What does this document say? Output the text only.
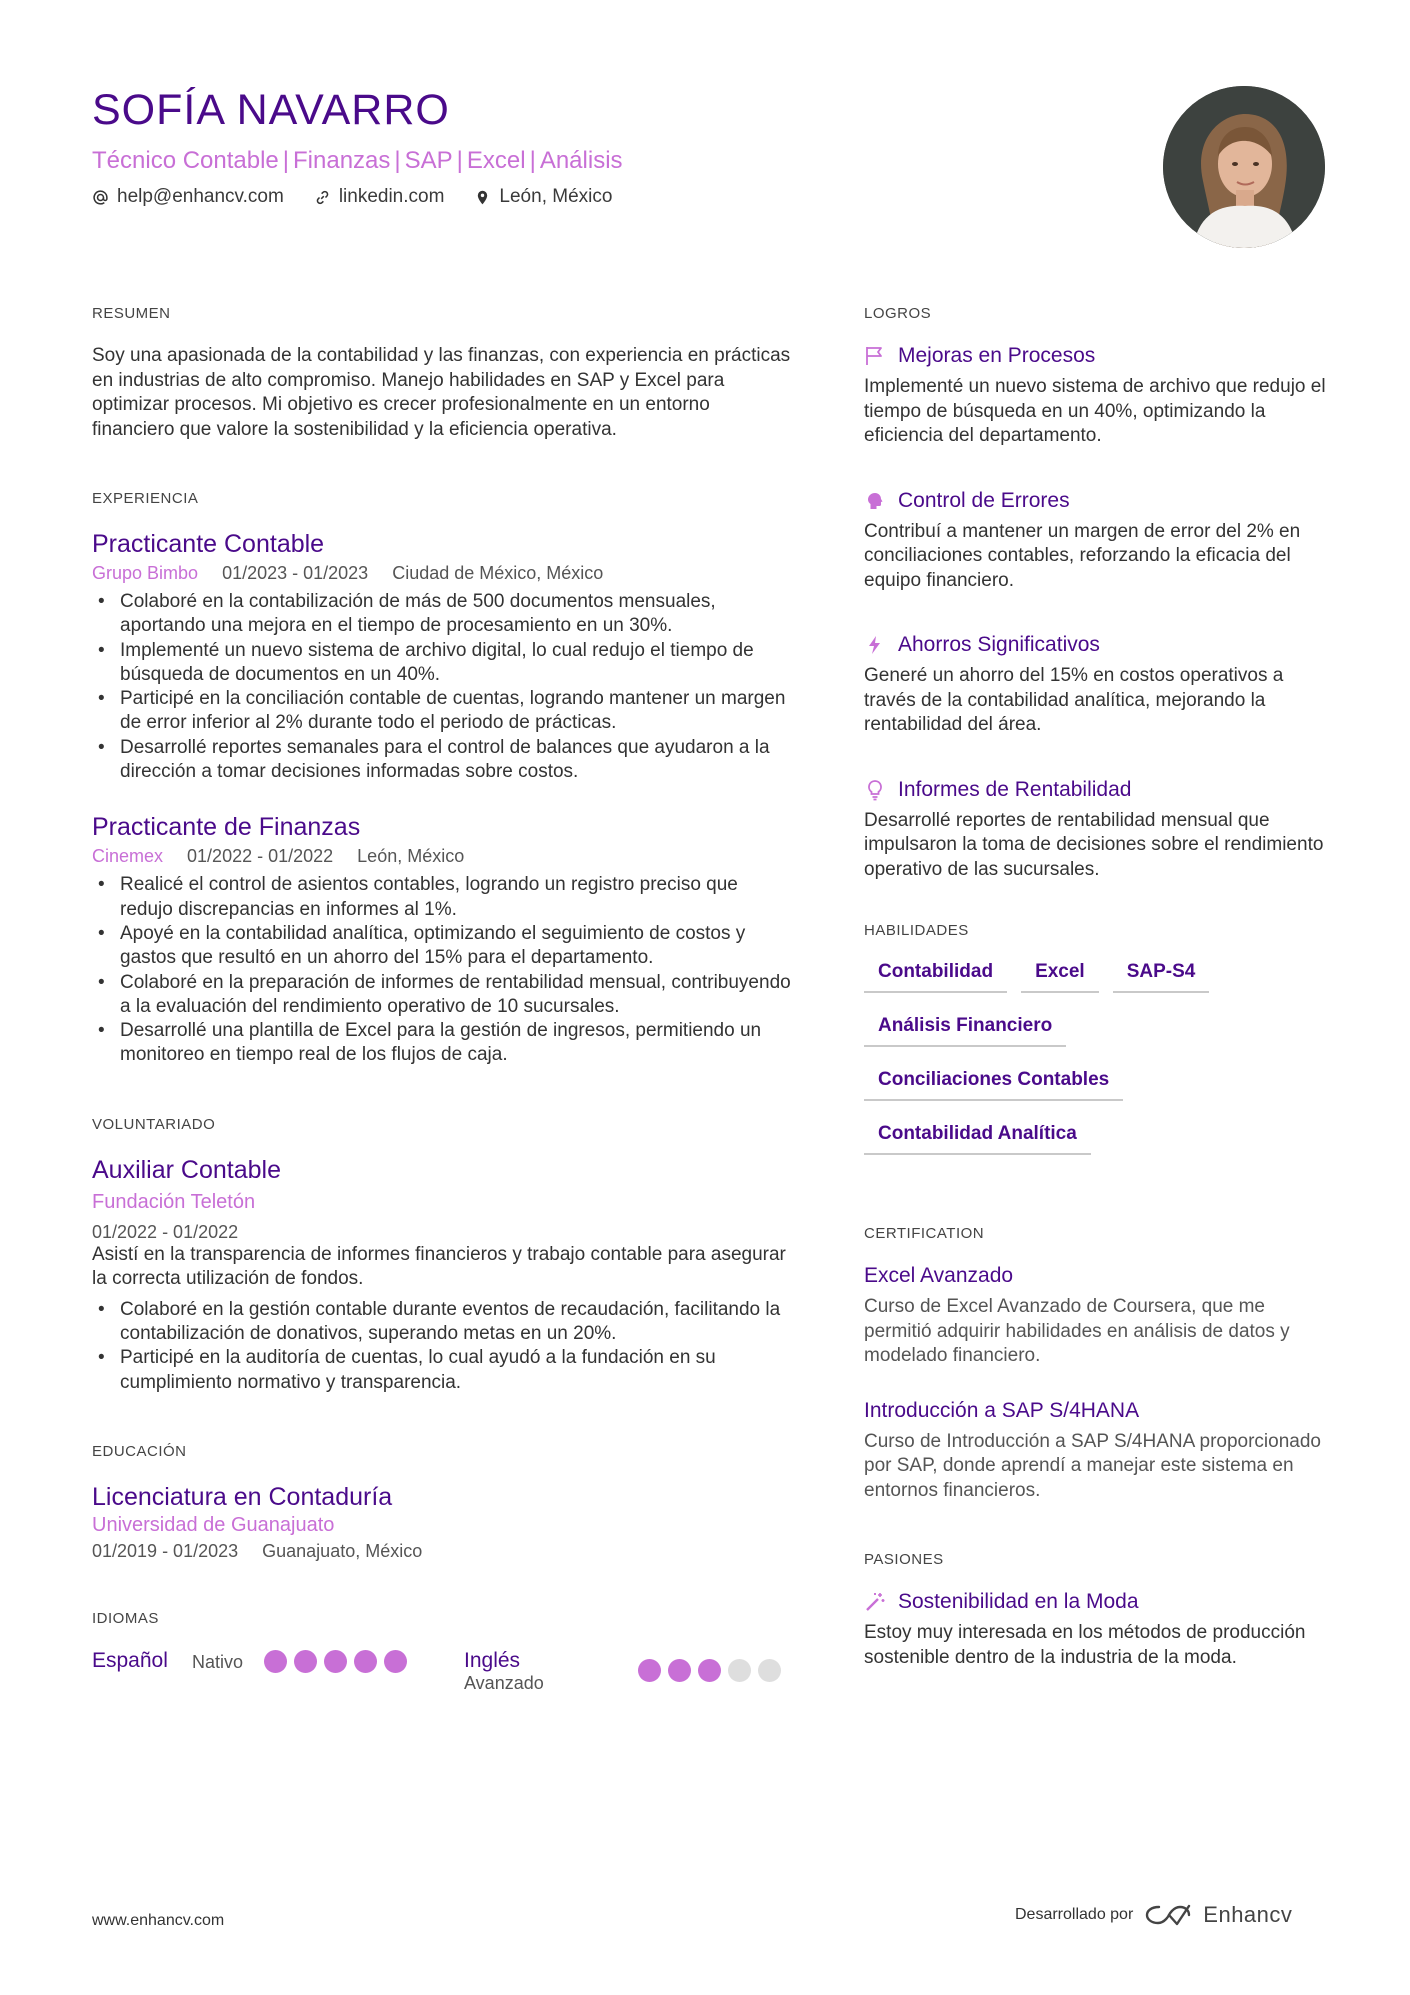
SOFÍA NAVARRO
Técnico Contable | Finanzas | SAP | Excel | Análisis
help@enhancv.com	linkedin.com	León, México
RESUMEN
Soy una apasionada de la contabilidad y las finanzas, con experiencia en prácticas en industrias de alto compromiso. Manejo habilidades en SAP y Excel para optimizar procesos. Mi objetivo es crecer profesionalmente en un entorno financiero que valore la sostenibilidad y la eficiencia operativa.
EXPERIENCIA
Practicante Contable
Grupo Bimbo 01/2023 - 01/2023 Ciudad de México, México
• Colaboré en la contabilización de más de 500 documentos mensuales, aportando una mejora en el tiempo de procesamiento en un 30%.
• Implementé un nuevo sistema de archivo digital, lo cual redujo el tiempo de búsqueda de documentos en un 40%.
• Participé en la conciliación contable de cuentas, logrando mantener un margen de error inferior al 2% durante todo el periodo de prácticas.
• Desarrollé reportes semanales para el control de balances que ayudaron a la dirección a tomar decisiones informadas sobre costos.
Practicante de Finanzas
Cinemex 01/2022 - 01/2022 León, México
• Realicé el control de asientos contables, logrando un registro preciso que redujo discrepancias en informes al 1%.
• Apoyé en la contabilidad analítica, optimizando el seguimiento de costos y gastos que resultó en un ahorro del 15% para el departamento.
• Colaboré en la preparación de informes de rentabilidad mensual, contribuyendo a la evaluación del rendimiento operativo de 10 sucursales.
• Desarrollé una plantilla de Excel para la gestión de ingresos, permitiendo un monitoreo en tiempo real de los flujos de caja.
VOLUNTARIADO
Auxiliar Contable
Fundación Teletón
01/2022 - 01/2022
Asistí en la transparencia de informes financieros y trabajo contable para asegurar la correcta utilización de fondos.
• Colaboré en la gestión contable durante eventos de recaudación, facilitando la contabilización de donativos, superando metas en un 20%.
• Participé en la auditoría de cuentas, lo cual ayudó a la fundación en su cumplimiento normativo y transparencia.
EDUCACIÓN
Licenciatura en Contaduría
Universidad de Guanajuato
01/2019 - 01/2023 Guanajuato, México
IDIOMAS
Español	Nativo	Inglés
Avanzado
LOGROS
Mejoras en Procesos
Implementé un nuevo sistema de archivo que redujo el tiempo de búsqueda en un 40%, optimizando la eficiencia del departamento.
Control de Errores
Contribuí a mantener un margen de error del 2% en conciliaciones contables, reforzando la eficacia del equipo financiero.
Ahorros Significativos
Generé un ahorro del 15% en costos operativos a través de la contabilidad analítica, mejorando la rentabilidad del área.
Informes de Rentabilidad
Desarrollé reportes de rentabilidad mensual que impulsaron la toma de decisiones sobre el rendimiento operativo de las sucursales.
HABILIDADES
Contabilidad	Excel	SAP-S4
Análisis Financiero
Conciliaciones Contables
Contabilidad Analítica
CERTIFICATION
Excel Avanzado
Curso de Excel Avanzado de Coursera, que me permitió adquirir habilidades en análisis de datos y modelado financiero.
Introducción a SAP S/4HANA
Curso de Introducción a SAP S/4HANA proporcionado por SAP, donde aprendí a manejar este sistema en entornos financieros.
PASIONES
Sostenibilidad en la Moda
Estoy muy interesada en los métodos de producción sostenible dentro de la industria de la moda.
www.enhancv.com	Desarrollado por	Enhancv
